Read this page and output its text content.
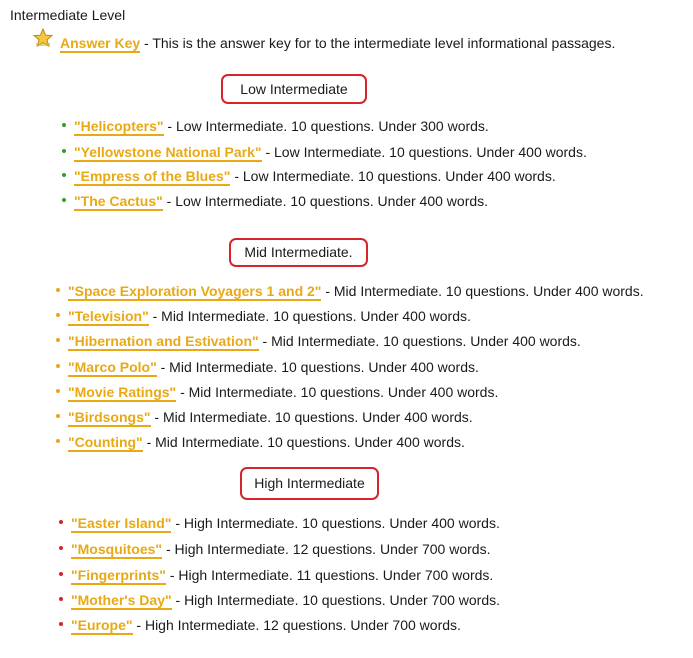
Intermediate Level
Answer Key - This is the answer key for to the intermediate level informational passages.
Low Intermediate
"Helicopters" - Low Intermediate. 10 questions. Under 300 words.
"Yellowstone National Park" - Low Intermediate. 10 questions. Under 400 words.
"Empress of the Blues" - Low Intermediate. 10 questions. Under 400 words.
"The Cactus" - Low Intermediate. 10 questions. Under 400 words.
Mid Intermediate.
"Space Exploration Voyagers 1 and 2" - Mid Intermediate. 10 questions. Under 400 words.
"Television" - Mid Intermediate. 10 questions. Under 400 words.
"Hibernation and Estivation" - Mid Intermediate. 10 questions. Under 400 words.
"Marco Polo" - Mid Intermediate. 10 questions. Under 400 words.
"Movie Ratings" - Mid Intermediate. 10 questions. Under 400 words.
"Birdsongs" - Mid Intermediate. 10 questions. Under 400 words.
"Counting" - Mid Intermediate. 10 questions. Under 400 words.
High Intermediate
"Easter Island" - High Intermediate. 10 questions. Under 400 words.
"Mosquitoes" - High Intermediate. 12 questions. Under 700 words.
"Fingerprints" - High Intermediate. 11 questions. Under 700 words.
"Mother's Day" - High Intermediate. 10 questions. Under 700 words.
"Europe" - High Intermediate. 12 questions. Under 700 words.
